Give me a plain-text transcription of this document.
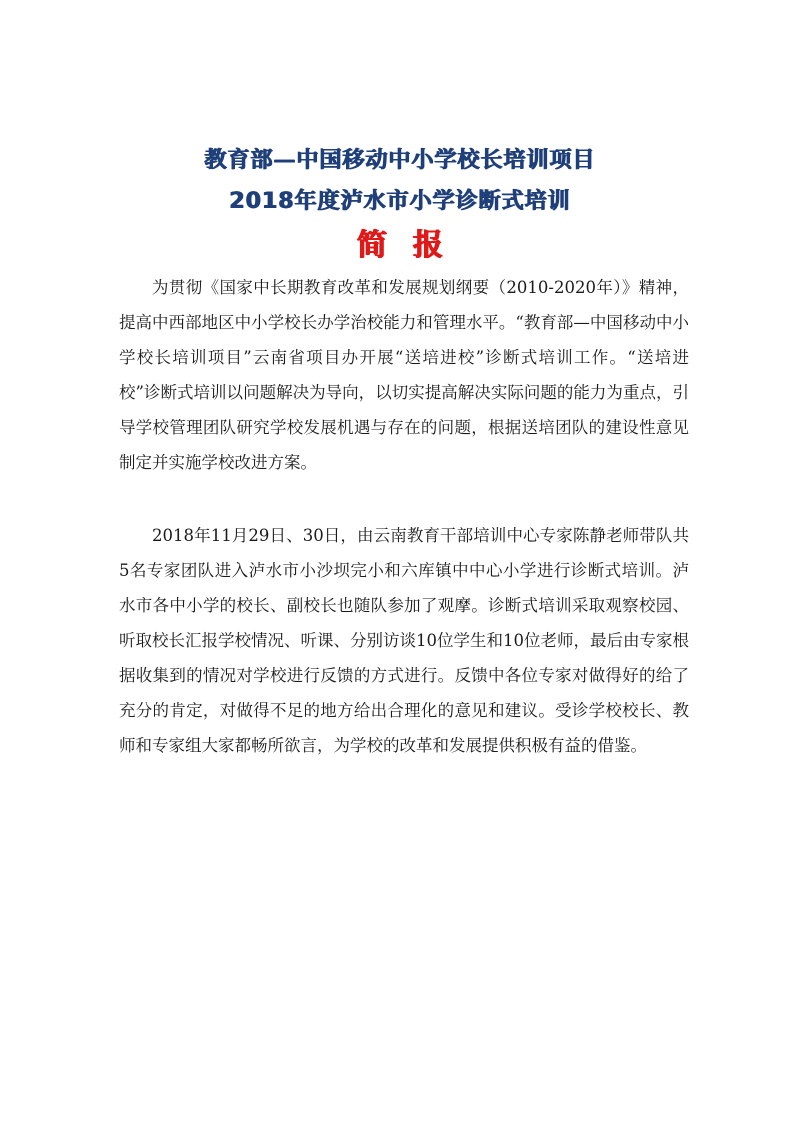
教育部—中国移动中小学校长培训项目
2018年度泸水市小学诊断式培训
简报

为贯彻《国家中长期教育改革和发展规划纲要（2010-2020年）》精神，提高中西部地区中小学校长办学治校能力和管理水平。“教育部—中国移动中小学校长培训项目”云南省项目办开展“送培进校”诊断式培训工作。“送培进校”诊断式培训以问题解决为导向，以切实提高解决实际问题的能力为重点，引导学校管理团队研究学校发展机遇与存在的问题，根据送培团队的建设性意见制定并实施学校改进方案。

2018年11月29日、30日，由云南教育干部培训中心专家陈静老师带队共5名专家团队进入泸水市小沙坝完小和六库镇中中心小学进行诊断式培训。泸水市各中小学的校长、副校长也随队参加了观摩。诊断式培训采取观察校园、听取校长汇报学校情况、听课、分别访谈10位学生和10位老师，最后由专家根据收集到的情况对学校进行反馈的方式进行。反馈中各位专家对做得好的给了充分的肯定，对做得不足的地方给出合理化的意见和建议。受诊学校校长、教师和专家组大家都畅所欲言，为学校的改革和发展提供积极有益的借鉴。
